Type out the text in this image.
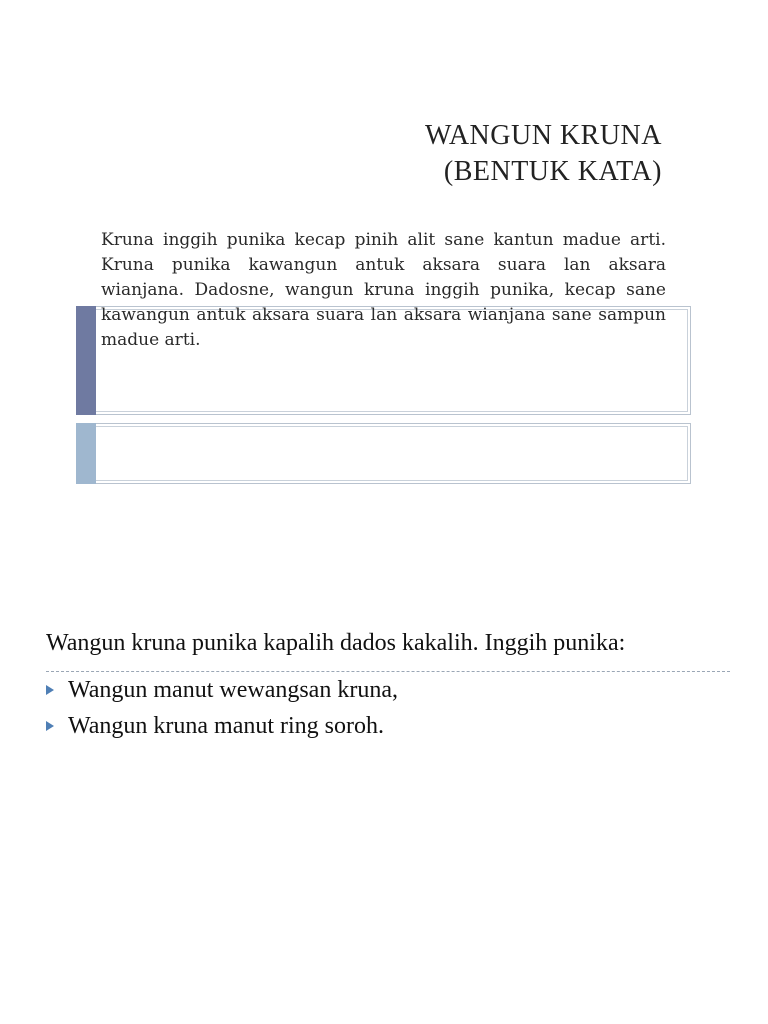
WANGUN KRUNA
(BENTUK KATA)
Kruna inggih punika kecap pinih alit sane kantun madue arti. Kruna punika kawangun antuk aksara suara lan aksara wianjana. Dadosne, wangun kruna inggih punika, kecap sane kawangun antuk aksara suara lan aksara wianjana sane sampun madue arti.
Wangun kruna punika kapalih dados kakalih. Inggih punika:
Wangun manut wewangsan kruna,
Wangun kruna manut ring soroh.
